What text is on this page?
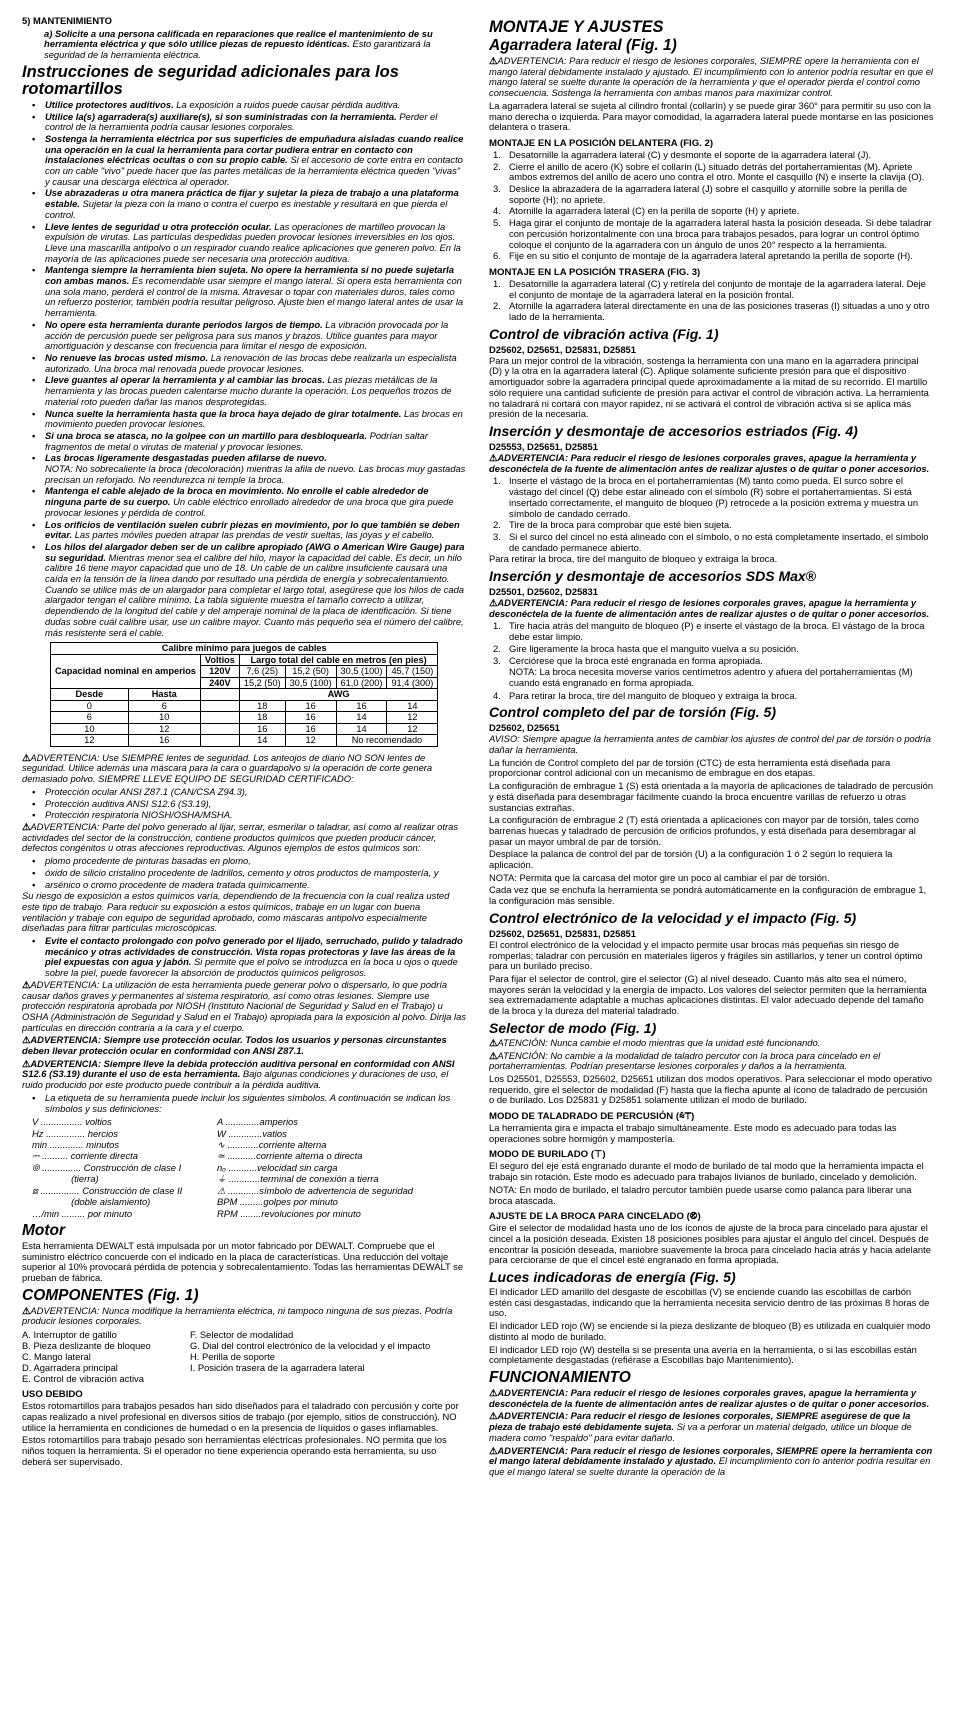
5) MANTENIMIENTO

a) Solicite a una persona calificada en reparaciones que realice el mantenimiento de su herramienta eléctrica y que sólo utilice piezas de repuesto idénticas. Esto garantizará la seguridad de la herramienta eléctrica.

Instrucciones de seguridad adicionales para los rotomartillos
• Utilice protectores auditivos. La exposición a ruidos puede causar pérdida auditiva.
• Utilice la(s) agarradera(s) auxiliare(s), si son suministradas con la herramienta. Perder el control de la herramienta podría causar lesiones corporales.
• Sostenga la herramienta eléctrica por sus superficies de empuñadura aisladas cuando realice una operación en la cual la herramienta para cortar pudiera entrar en contacto con instalaciones eléctricas ocultas o con su propio cable. Si el accesorio de corte entra en contacto con un cable "vivo" puede hacer que las partes metálicas de la herramienta eléctrica queden "vivas" y causar una descarga eléctrica al operador.
• Use abrazaderas u otra manera práctica de fijar y sujetar la pieza de trabajo a una plataforma estable. Sujetar la pieza con la mano o contra el cuerpo es inestable y resultará en que pierda el control.
• Lleve lentes de seguridad u otra protección ocular. Las operaciones de martilleo provocan la expulsión de virutas. Las partículas despedidas pueden provocar lesiones irreversibles en los ojos. Lleve una mascarilla antipolvo o un respirador cuando realice aplicaciones que generen polvo. En la mayoría de las aplicaciones puede ser necesaria una protección auditiva.
• Mantenga siempre la herramienta bien sujeta. No opere la herramienta si no puede sujetarla con ambas manos. Es recomendable usar siempre el mango lateral. Si opera esta herramienta con una sola mano, perderá el control de la misma. Atravesar o topar con materiales duros, tales como un refuerzo posterior, también podría resultar peligroso. Ajuste bien el mango lateral antes de usar la herramienta.
• No opere esta herramienta durante períodos largos de tiempo. La vibración provocada por la acción de percusión puede ser peligrosa para sus manos y brazos. Utilice guantes para mayor amortiguación y descanse con frecuencia para limitar el riesgo de exposición.
• No renueve las brocas usted mismo. La renovación de las brocas debe realizarla un especialista autorizado. Una broca mal renovada puede provocar lesiones.
• Lleve guantes al operar la herramienta y al cambiar las brocas. Las piezas metálicas de la herramienta y las brocas pueden calentarse mucho durante la operación. Los pequeños trozos de material roto pueden dañar las manos desprotegidas.
• Nunca suelte la herramienta hasta que la broca haya dejado de girar totalmente. Las brocas en movimiento pueden provocar lesiones.
• Si una broca se atasca, no la golpee con un martillo para desbloquearla. Podrían saltar fragmentos de metal o virutas de material y provocar lesiones.
• Las brocas ligeramente desgastadas pueden afilarse de nuevo.
NOTA: No sobrecaliente la broca (decoloración) mientras la afila de nuevo. Las brocas muy gastadas precisan un reforjado. No reendurezca ni temple la broca.
• Mantenga el cable alejado de la broca en movimiento. No enrolle el cable alrededor de ninguna parte de su cuerpo. Un cable eléctrico enrollado alrededor de una broca que gira puede provocar lesiones y pérdida de control.
• Los orificios de ventilación suelen cubrir piezas en movimiento, por lo que también se deben evitar. Las partes móviles pueden atrapar las prendas de vestir sueltas, las joyas y el cabello.
• Los hilos del alargador deben ser de un calibre apropiado (AWG o American Wire Gauge) para su seguridad. Mientras menor sea el calibre del hilo, mayor la capacidad del cable. Es decir, un hilo calibre 16 tiene mayor capacidad que uno de 18. Un cable de un calibre insuficiente causará una caída en la tensión de la línea dando por resultado una pérdida de energía y sobrecalentamiento. Cuando se utilice más de un alargador para completar el largo total, asegúrese que los hilos de cada alargador tengan el calibre mínimo. La tabla siguiente muestra el tamaño correcto a utilizar, dependiendo de la longitud del cable y del amperaje nominal de la placa de identificación. Si tiene dudas sobre cuál calibre usar, use un calibre mayor. Cuanto más pequeño sea el número del calibre, más resistente será el cable.
Calibre mínimo para juegos de cables						
Capacidad nominal en amperios		Voltios	Largo total del cable en metros (en pies)			
		120V	7,6 (25)	15,2 (50)	30,5 (100)	45,7 (150)
		240V	15,2 (50)	30,5 (100)	61,0 (200)	91,4 (300)
Desde	Hasta		AWG			
0	6		18	16	16	14
6	10		18	16	14	12
10	12		16	16	14	12
12	16		14	12	No recomendado	

⚠ADVERTENCIA: Use SIEMPRE lentes de seguridad. Los anteojos de diario NO SON lentes de seguridad. Utilice además una máscara para la cara o guardapolvo si la operación de corte genera demasiado polvo. SIEMPRE LLEVE EQUIPO DE SEGURIDAD CERTIFICADO:

• Protección ocular ANSI Z87.1 (CAN/CSA Z94.3),
• Protección auditiva ANSI S12.6 (S3.19),
• Protección respiratoria NIOSH/OSHA/MSHA.

⚠ADVERTENCIA: Parte del polvo generado al lijar, serrar, esmerilar o taladrar, así como al realizar otras actividades del sector de la construcción, contiene productos químicos que pueden producir cáncer, defectos congénitos u otras afecciones reproductivas. Algunos ejemplos de estos químicos son:

• plomo procedente de pinturas basadas en plomo,
• óxido de silicio cristalino procedente de ladrillos, cemento y otros productos de mampostería, y
• arsénico o cromo procedente de madera tratada químicamente.

Su riesgo de exposición a estos químicos varía, dependiendo de la frecuencia con la cual realiza usted este tipo de trabajo. Para reducir su exposición a estos químicos, trabaje en un lugar con buena ventilación y trabaje con equipo de seguridad aprobado, como máscaras antipolvo especialmente diseñadas para filtrar partículas microscópicas.

• Evite el contacto prolongado con polvo generado por el lijado, serruchado, pulido y taladrado mecánico y otras actividades de construcción. Vista ropas protectoras y lave las áreas de la piel expuestas con agua y jabón. Si permite que el polvo se introduzca en la boca u ojos o quede sobre la piel, puede favorecer la absorción de productos químicos peligrosos.

⚠ADVERTENCIA: La utilización de esta herramienta puede generar polvo o dispersarlo, lo que podría causar daños graves y permanentes al sistema respiratorio, así como otras lesiones. Siempre use protección respiratoria aprobada por NIOSH (Instituto Nacional de Seguridad y Salud en el Trabajo) u OSHA (Administración de Seguridad y Salud en el Trabajo) apropiada para la exposición al polvo. Dirija las partículas en dirección contraria a la cara y el cuerpo.

⚠ADVERTENCIA: Siempre use protección ocular. Todos los usuarios y personas circunstantes deben llevar protección ocular en conformidad con ANSI Z87.1.

⚠ADVERTENCIA: Siempre lleve la debida protección auditiva personal en conformidad con ANSI S12.6 (S3.19) durante el uso de esta herramienta. Bajo algunas condiciones y duraciones de uso, el ruido producido por este producto puede contribuir a la pérdida auditiva.

• La etiqueta de su herramienta puede incluir los siguientes símbolos. A continuación se indican los símbolos y sus definiciones:
V ................ voltios	A .............amperios
Hz ............... hercios	W .............vatios
min ............. minutos	∿ ............corriente alterna
⎓ .......... corriente directa	≃ ...........corriente alterna o directa
⦾ ............... Construcción de clase I	nₒ ...........velocidad sin carga
(tierra)	⏚ ............terminal de conexión a tierra
⧈ ............... Construcción de clase II	⚠ ............símbolo de advertencia de seguridad
(doble aislamiento)	BPM .........golpes por minuto
…/min ......... por minuto	RPM ........revoluciones por minuto
Motor

Esta herramienta DEWALT está impulsada por un motor fabricado por DEWALT. Compruebe que el suministro eléctrico concuerde con el indicado en la placa de características. Una reducción del voltaje superior al 10% provocará pérdida de potencia y sobrecalentamiento. Todas las herramientas DEWALT se prueban de fábrica.

COMPONENTES (Fig. 1)

⚠ADVERTENCIA: Nunca modifique la herramienta eléctrica, ni tampoco ninguna de sus piezas. Podría producir lesiones corporales.

A. Interruptor de gatillo	F. Selector de modalidad
B. Pieza deslizante de bloqueo	G. Dial del control electrónico de la velocidad y el impacto
C. Mango lateral	H. Perilla de soporte
D. Agarradera principal	I. Posición trasera de la agarradera lateral
E. Control de vibración activa
USO DEBIDO

Estos rotomartillos para trabajos pesados han sido diseñados para el taladrado con percusión y corte por capas realizado a nivel profesional en diversos sitios de trabajo (por ejemplo, sitios de construcción). NO utilice la herramienta en condiciones de humedad o en la presencia de líquidos o gases inflamables.

Estos rotomartillos para trabajo pesado son herramientas eléctricas profesionales. NO permita que los niños toquen la herramienta. Si el operador no tiene experiencia operando esta herramienta, su uso deberá ser supervisado.

MONTAJE Y AJUSTES
Agarradera lateral (Fig. 1)

⚠ADVERTENCIA: Para reducir el riesgo de lesiones corporales, SIEMPRE opere la herramienta con el mango lateral debidamente instalado y ajustado. El incumplimiento con lo anterior podría resultar en que el mango lateral se suelte durante la operación de la herramienta y que el operador pierda el control como consecuencia. Sostenga la herramienta con ambas manos para maximizar control.

La agarradera lateral se sujeta al cilindro frontal (collarín) y se puede girar 360° para permitir su uso con la mano derecha o izquierda. Para mayor comodidad, la agarradera lateral puede montarse en las posiciones delantera o trasera.

MONTAJE EN LA POSICIÓN DELANTERA (FIG. 2)
1. Desatornille la agarradera lateral (C) y desmonte el soporte de la agarradera lateral (J).
2. Cierre el anillo de acero (K) sobre el collarín (L) situado detrás del portaherramientas (M). Apriete ambos extremos del anillo de acero uno contra el otro. Monte el casquillo (N) e inserte la clavija (O).
3. Deslice la abrazadera de la agarradera lateral (J) sobre el casquillo y atornille sobre la perilla de soporte (H); no apriete.
4. Atornille la agarradera lateral (C) en la perilla de soporte (H) y apriete.
5. Haga girar el conjunto de montaje de la agarradera lateral hasta la posición deseada. Si debe taladrar con percusión horizontalmente con una broca para trabajos pesados, para lograr un control óptimo coloque el conjunto de la agarradera con un ángulo de unos 20° respecto a la herramienta.
6. Fije en su sitio el conjunto de montaje de la agarradera lateral apretando la perilla de soporte (H).
MONTAJE EN LA POSICIÓN TRASERA (FIG. 3)
1. Desatornille la agarradera lateral (C) y retírela del conjunto de montaje de la agarradera lateral. Deje el conjunto de montaje de la agarradera lateral en la posición frontal.
2. Atornille la agarradera lateral directamente en una de las posiciones traseras (I) situadas a uno y otro lado de la herramienta.
Control de vibración activa (Fig. 1)

D25602, D25651, D25831, D25851

Para un mejor control de la vibración, sostenga la herramienta con una mano en la agarradera principal (D) y la otra en la agarradera lateral (C). Aplique solamente suficiente presión para que el dispositivo amortiguador sobre la agarradera principal quede aproximadamente a la mitad de su recorrido. El martillo sólo requiere una cantidad suficiente de presión para activar el control de vibración activa. La herramienta no taladrará ni cortará con mayor rapidez, ni se activará el control de vibración activa si se aplica más presión de la necesaria.

Inserción y desmontaje de accesorios estriados (Fig. 4)

D25553, D25651, D25851

⚠ADVERTENCIA: Para reducir el riesgo de lesiones corporales graves, apague la herramienta y desconéctela de la fuente de alimentación antes de realizar ajustes o de quitar o poner accesorios.

1. Inserte el vástago de la broca en el portaherramientas (M) tanto como pueda. El surco sobre el vástago del cincel (Q) debe estar alineado con el símbolo (R) sobre el portaherramientas. Si está insertado correctamente, el manguito de bloqueo (P) retrocede a la posición extrema y muestra un símbolo de candado cerrado.
2. Tire de la broca para comprobar que esté bien sujeta.
3. Si el surco del cincel no está alineado con el símbolo, o no está completamente insertado, el símbolo de candado permanece abierto.

Para retirar la broca, tire del manguito de bloqueo y extraiga la broca.

Inserción y desmontaje de accesorios SDS Max®

D25501, D25602, D25831

⚠ADVERTENCIA: Para reducir el riesgo de lesiones corporales graves, apague la herramienta y desconéctela de la fuente de alimentación antes de realizar ajustes o de quitar o poner accesorios.

1. Tire hacia atrás del manguito de bloqueo (P) e inserte el vástago de la broca. El vástago de la broca debe estar limpio.
2. Gire ligeramente la broca hasta que el manguito vuelva a su posición.
3. Cerciórese que la broca esté engranada en forma apropiada.

NOTA: La broca necesita moverse varios centímetros adentro y afuera del portaherramientas (M) cuando está engranado en forma apropiada.

4. Para retirar la broca, tire del manguito de bloqueo y extraiga la broca.
Control completo del par de torsión (Fig. 5)

D25602, D25651

AVISO: Siempre apague la herramienta antes de cambiar los ajustes de control del par de torsión o podría dañar la herramienta.

La función de Control completo del par de torsión (CTC) de esta herramienta está diseñada para proporcionar control adicional con un mecanismo de embrague en dos etapas.

La configuración de embrague 1 (S) está orientada a la mayoría de aplicaciones de taladrado de percusión y está diseñada para desembragar fácilmente cuando la broca encuentre varillas de refuerzo u otras sustancias extrañas.

La configuración de embrague 2 (T) está orientada a aplicaciones con mayor par de torsión, tales como barrenas huecas y taladrado de percusión de orificios profundos, y está diseñada para desembragar al pasar un mayor umbral de par de torsión.

Desplace la palanca de control del par de torsión (U) a la configuración 1 ó 2 según lo requiera la aplicación.

NOTA: Permita que la carcasa del motor gire un poco al cambiar el par de torsión.

Cada vez que se enchufa la herramienta se pondrá automáticamente en la configuración de embrague 1, la configuración más sensible.

Control electrónico de la velocidad y el impacto (Fig. 5)

D25602, D25651, D25831, D25851

El control electrónico de la velocidad y el impacto permite usar brocas más pequeñas sin riesgo de romperlas; taladrar con percusión en materiales ligeros y frágiles sin astillarlos, y tener un control óptimo para un burilado preciso.

Para fijar el selector de control, gire el selector (G) al nivel deseado. Cuanto más alto sea el número, mayores serán la velocidad y la energía de impacto. Los valores del selector permiten que la herramienta sea extremadamente adaptable a muchas aplicaciones distintas. El valor adecuado depende del tamaño de la broca y la dureza del material taladrado.

Selector de modo (Fig. 1)

⚠ATENCIÓN: Nunca cambie el modo mientras que la unidad esté funcionando.

⚠ATENCIÓN: No cambie a la modalidad de taladro percutor con la broca para cincelado en el portaherramientas. Podrían presentarse lesiones corporales y daños a la herramienta.

Los D25501, D25553, D25602, D25651 utilizan dos modos operativos. Para seleccionar el modo operativo requerido, gire el selector de modalidad (F) hasta que la flecha apunte al ícono de taladrado de percusión o de burilado. Los D25831 y D25851 solamente utilizan el modo de burilado.

MODO DE TALADRADO DE PERCUSIÓN (⩯⊤)

La herramienta gira e impacta el trabajo simultáneamente. Este modo es adecuado para todas las operaciones sobre hormigón y mampostería.

MODO DE BURILADO (⊤)

El seguro del eje está engranado durante el modo de burilado de tal modo que la herramienta impacta el trabajo sin rotación. Este modo es adecuado para trabajos livianos de burilado, cincelado y demolición.

NOTA: En modo de burilado, el taladro percutor también puede usarse como palanca para liberar una broca atascada.

AJUSTE DE LA BROCA PARA CINCELADO (⦼)

Gire el selector de modalidad hasta uno de los íconos de ajuste de la broca para cincelado para ajustar el cincel a la posición deseada. Existen 18 posiciones posibles para ajustar el ángulo del cincel. Después de encontrar la posición deseada, maniobre suavemente la broca para cincelado hacia atrás y hacia adelante para cerciorarse de que el cincel esté engranado en forma apropiada.

Luces indicadoras de energía (Fig. 5)

El indicador LED amarillo del desgaste de escobillas (V) se enciende cuando las escobillas de carbón estén casi desgastadas, indicando que la herramienta necesita servicio dentro de las próximas 8 horas de uso.

El indicador LED rojo (W) se enciende si la pieza deslizante de bloqueo (B) es utilizada en cualquier modo distinto al modo de burilado.

El indicador LED rojo (W) destella si se presenta una avería en la herramienta, o si las escobillas están completamente desgastadas (refiérase a Escobillas bajo Mantenimiento).

FUNCIONAMIENTO

⚠ADVERTENCIA: Para reducir el riesgo de lesiones corporales graves, apague la herramienta y desconéctela de la fuente de alimentación antes de realizar ajustes o de quitar o poner accesorios.

⚠ADVERTENCIA: Para reducir el riesgo de lesiones corporales, SIEMPRE asegúrese de que la pieza de trabajo esté debidamente sujeta. Si va a perforar un material delgado, utilice un bloque de madera como "respaldo" para evitar dañarlo.

⚠ADVERTENCIA: Para reducir el riesgo de lesiones corporales, SIEMPRE opere la herramienta con el mango lateral debidamente instalado y ajustado. El incumplimiento con lo anterior podría resultar en que el mango lateral se suelte durante la operación de la
